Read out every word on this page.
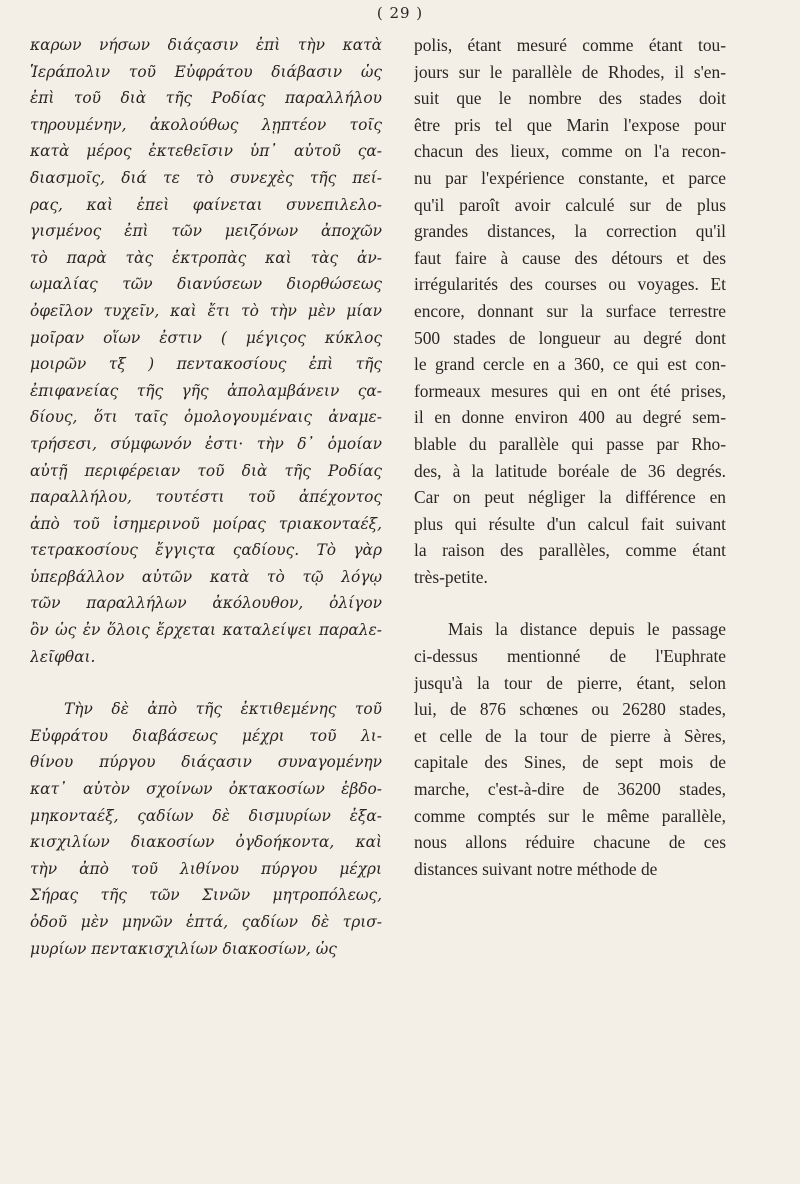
( 29 )
καρων νήσων διάςασιν ἐπὶ τὴν κατὰ
Ἱεράπολιν τοῦ Εὐφράτου διάβασιν ὡς
ἐπὶ τοῦ διὰ τῆς Ροδίας παραλλήλου
τηρουμένην, ἀκολούθως λῃπτέον τοῖς
κατὰ μέρος ἐκτεθεῖσιν ὑπ᾽ αὐτοῦ ςα-
διασμοῖς, διά τε τὸ συνεχὲς τῆς πεί-
ρας, καὶ ἐπεὶ φαίνεται συνεπιλελο-
γισμένος ἐπὶ τῶν μειζόνων ἀποχῶν
τὸ παρὰ τὰς ἐκτροπὰς καὶ τὰς ἀν-
ωμαλίας τῶν διανύσεων διορθώσεως
ὀφεῖλον τυχεῖν, καὶ ἔτι τὸ τὴν μὲν μίαν
μοῖραν οἵων ἐστιν ( μέγιςος κύκλος
μοιρῶν τξ ) πεντακοσίους ἐπὶ τῆς
ἐπιφανείας τῆς γῆς ἀπολαμβάνειν ςα-
δίους, ὅτι ταῖς ὁμολογουμέναις ἀναμε-
τρήσεσι, σύμφωνόν ἐστι· τὴν δ᾽ ὁμοίαν
αὐτῇ περιφέρειαν τοῦ διὰ τῆς Ροδίας
παραλλήλου, τουτέστι τοῦ ἀπέχοντος
ἀπὸ τοῦ ἰσημερινοῦ μοίρας τριακονταέξ,
τετρακοσίους ἔγγιςτα ςαδίους. Τὸ γὰρ
ὑπερβάλλον αὐτῶν κατὰ τὸ τῷ λόγῳ
τῶν παραλλήλων ἀκόλουθον, ὀλίγον
ὂν ὡς ἐν ὅλοις ἔρχεται καταλείψει παραλε-
λεῖφθαι.
Τὴν δὲ ἀπὸ τῆς ἐκτιθεμένης τοῦ
Εὐφράτου διαβάσεως μέχρι τοῦ λι-
θίνου πύργου διάςασιν συναγομένην
κατ᾽ αὐτὸν σχοίνων ὀκτακοσίων ἑβδο-
μηκονταέξ, ςαδίων δὲ δισμυρίων ἑξα-
κισχιλίων διακοσίων ὀγδοήκοντα, καὶ
τὴν ἀπὸ τοῦ λιθίνου πύργου μέχρι
Σήρας τῆς τῶν Σινῶν μητροπόλεως,
ὁδοῦ μὲν μηνῶν ἑπτά, ςαδίων δὲ τρισ-
μυρίων πεντακισχιλίων διακοσίων, ὡς
polis, étant mesuré comme étant tou-
jours sur le parallèle de Rhodes, il s'en-
suit que le nombre des stades doit
être pris tel que Marin l'expose pour
chacun des lieux, comme on l'a recon-
nu par l'expérience constante, et parce
qu'il paroît avoir calculé sur de plus
grandes distances, la correction qu'il
faut faire à cause des détours et des
irrégularités des courses ou voyages. Et
encore, donnant sur la surface terrestre
500 stades de longueur au degré dont
le grand cercle en a 360, ce qui est con-
formeaux mesures qui en ont été prises,
il en donne environ 400 au degré sem-
blable du parallèle qui passe par Rho-
des, à la latitude boréale de 36 degrés.
Car on peut négliger la différence en
plus qui résulte d'un calcul fait suivant
la raison des parallèles, comme étant
très-petite.
Mais la distance depuis le passage
ci-dessus mentionné de l'Euphrate
jusqu'à la tour de pierre, étant, selon
lui, de 876 schœnes ou 26280 stades,
et celle de la tour de pierre à Sères,
capitale des Sines, de sept mois de
marche, c'est-à-dire de 36200 stades,
comme comptés sur le même parallèle,
nous allons réduire chacune de ces
distances suivant notre méthode de
